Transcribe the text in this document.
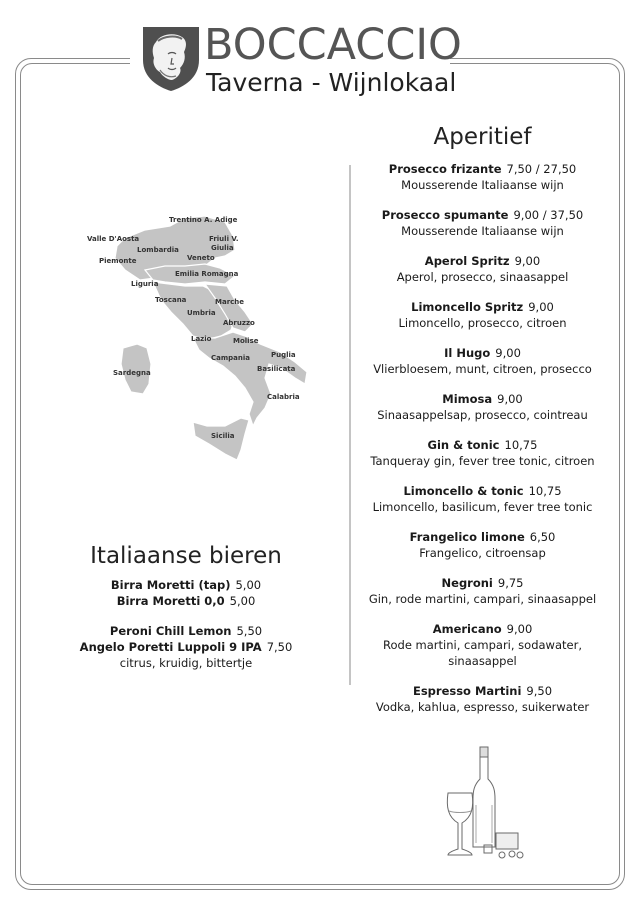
BOCCACCIO
Taverna - Wijnlokaal
Trentino A. Adige
Valle D'Aosta	Friuli V.
Giulia
Lombardia
Veneto
Piemonte
Emilia Romagna
Liguria
Toscana	Marche
Umbria
Abruzzo
Lazio	Molise
Campania	Puglia
Basilicata
Sardegna
Calabria
Sicilia
Aperitief
Prosecco frizante 7,50 / 27,50
Mousserende Italiaanse wijn
Prosecco spumante 9,00 / 37,50
Mousserende Italiaanse wijn
Aperol Spritz 9,00
Aperol, prosecco, sinaasappel
Limoncello Spritz 9,00
Limoncello, prosecco, citroen
Il Hugo 9,00
Vlierbloesem, munt, citroen, prosecco
Mimosa 9,00
Sinaasappelsap, prosecco, cointreau
Gin & tonic 10,75
Tanqueray gin, fever tree tonic, citroen
Limoncello & tonic 10,75
Limoncello, basilicum, fever tree tonic
Frangelico limone 6,50
Frangelico, citroensap
Negroni 9,75
Gin, rode martini, campari, sinaasappel
Americano 9,00
Rode martini, campari, sodawater, sinaasappel
Espresso Martini 9,50
Vodka, kahlua, espresso, suikerwater
Italiaanse bieren
Birra Moretti (tap) 5,00
Birra Moretti 0,0 5,00
Peroni Chill Lemon 5,50
Angelo Poretti Luppoli 9 IPA 7,50
citrus, kruidig, bittertje
